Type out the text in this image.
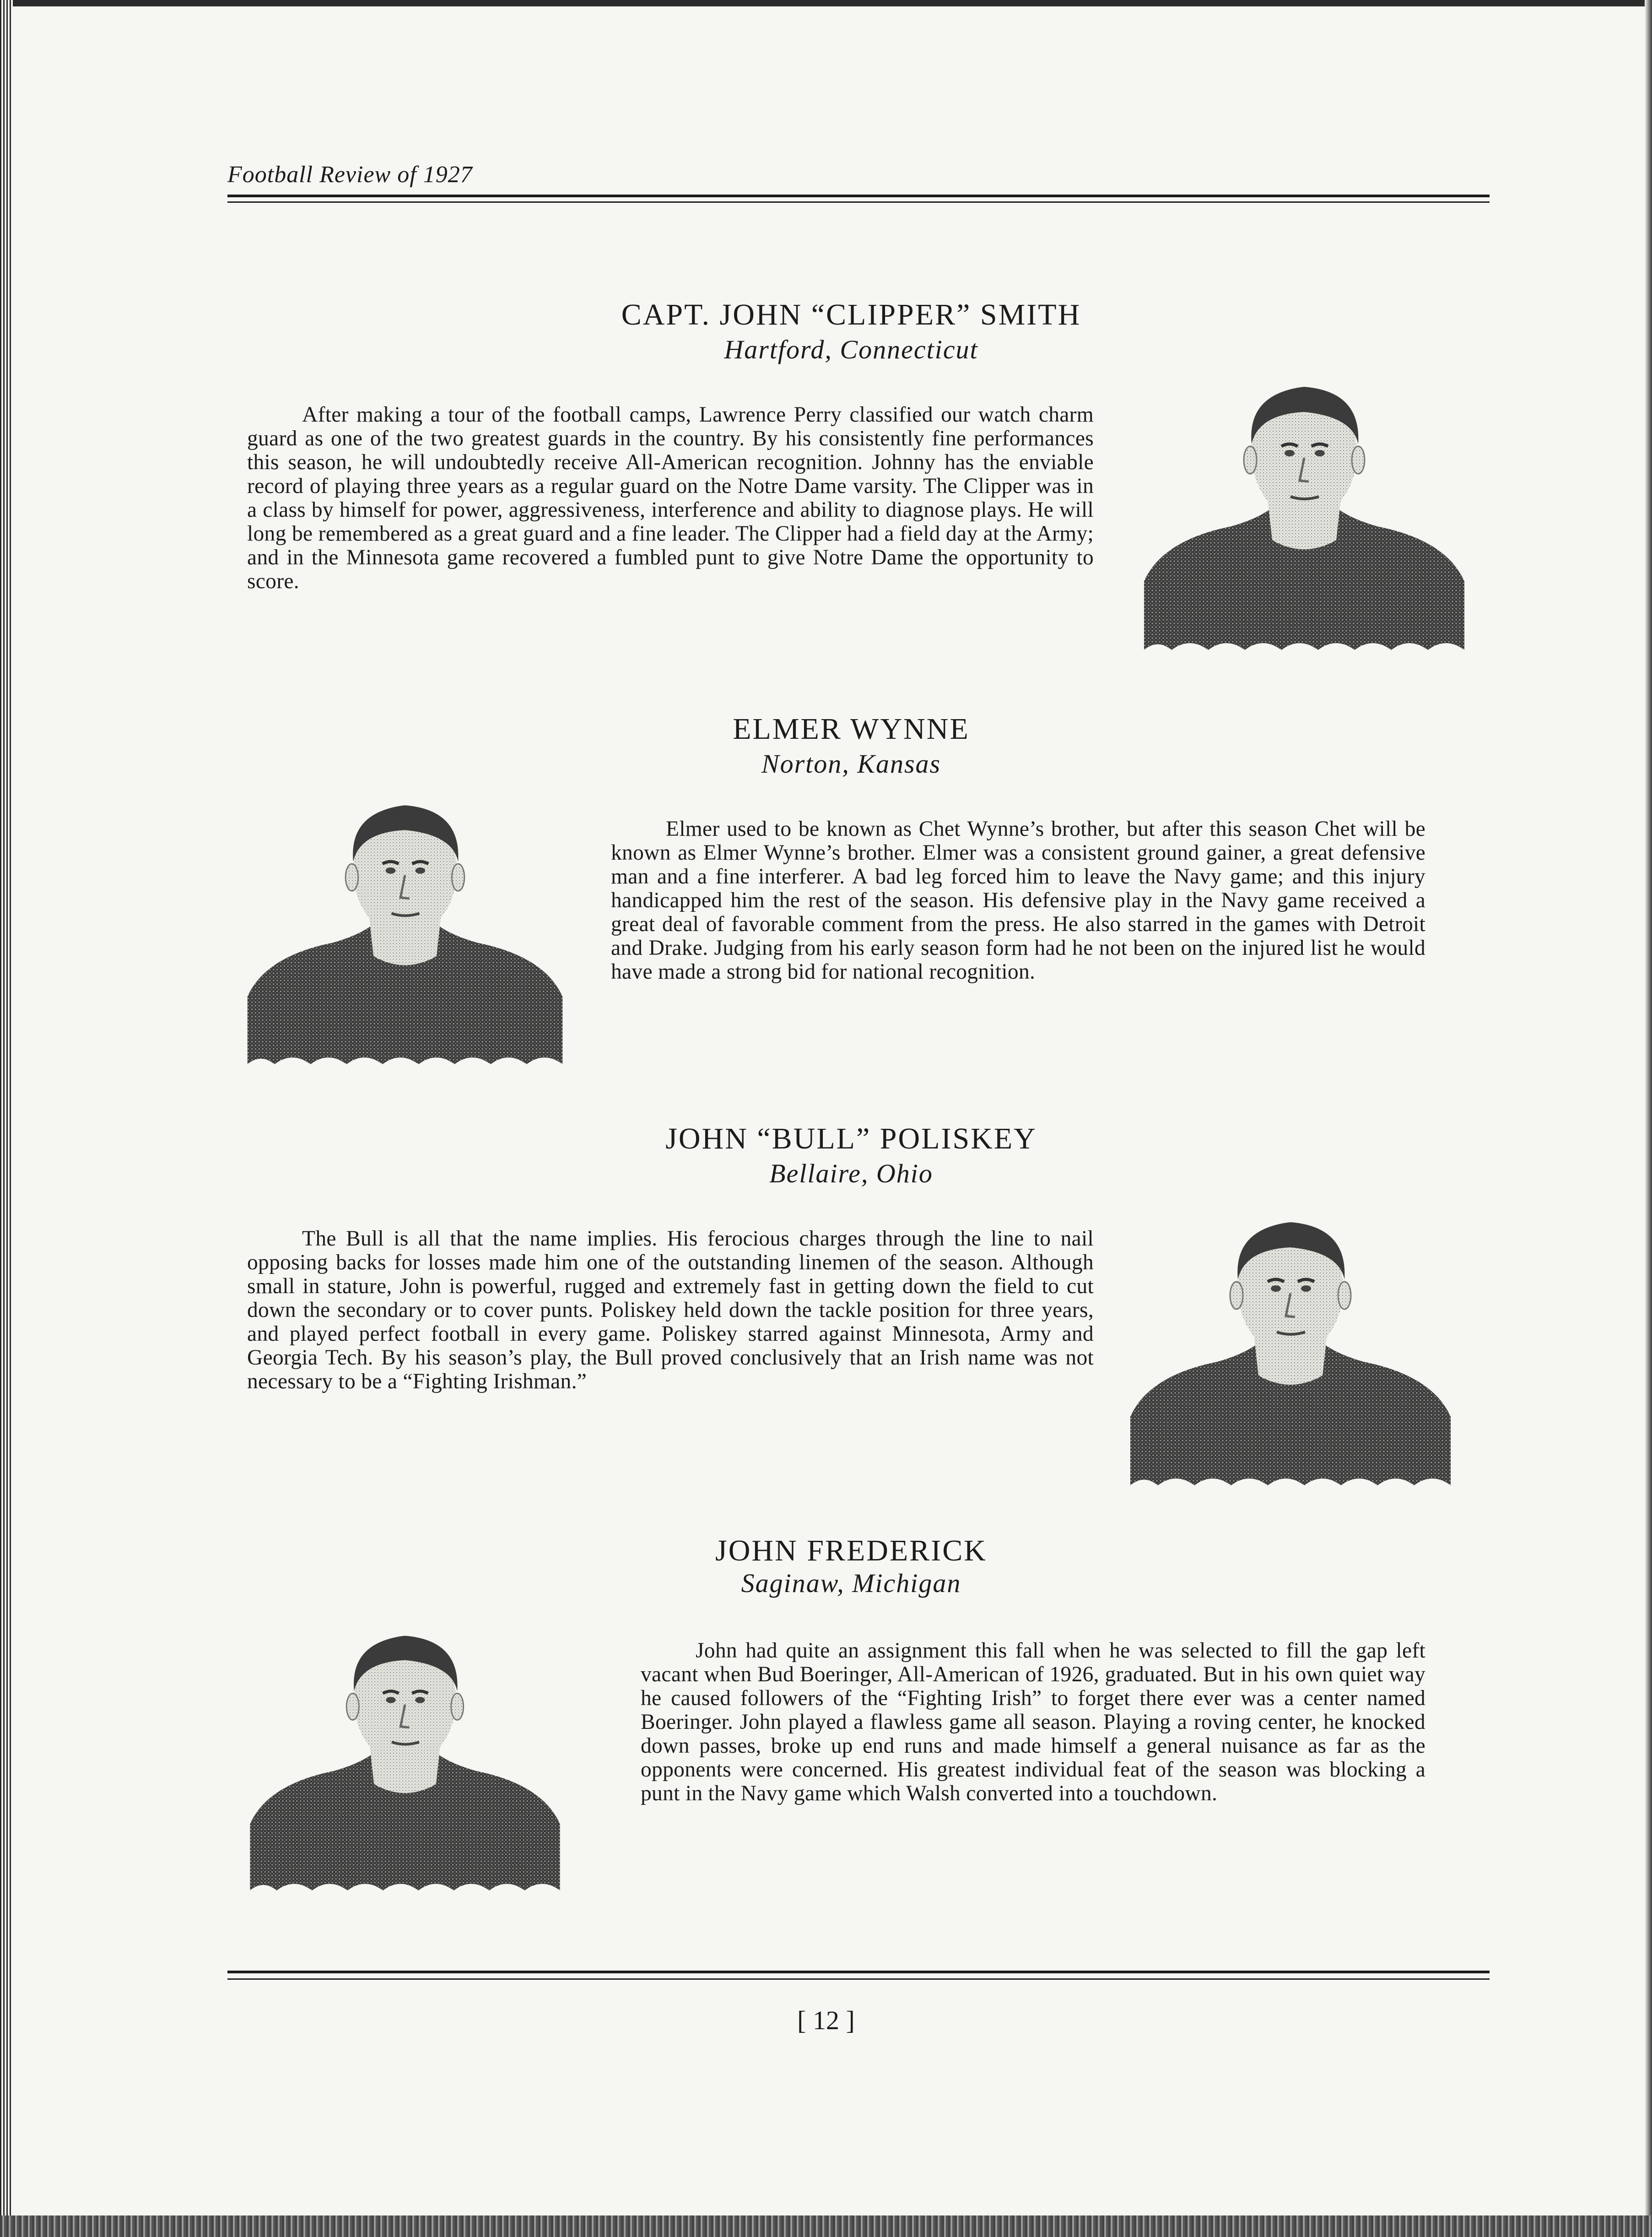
Football Review of 1927
CAPT. JOHN “CLIPPER” SMITH
Hartford, Connecticut
After making a tour of the football camps, Lawrence Perry classified our watch charm guard as one of the two greatest guards in the country. By his consistently fine performances this season, he will undoubtedly receive All-American recognition. Johnny has the enviable record of playing three years as a regular guard on the Notre Dame varsity. The Clipper was in a class by himself for power, aggressiveness, interference and ability to diagnose plays. He will long be remembered as a great guard and a fine leader. The Clipper had a field day at the Army; and in the Minnesota game recovered a fumbled punt to give Notre Dame the opportunity to score.
ELMER WYNNE
Norton, Kansas
Elmer used to be known as Chet Wynne’s brother, but after this season Chet will be known as Elmer Wynne’s brother. Elmer was a consistent ground gainer, a great defensive man and a fine interferer. A bad leg forced him to leave the Navy game; and this injury handicapped him the rest of the season. His defensive play in the Navy game received a great deal of favorable comment from the press. He also starred in the games with Detroit and Drake. Judging from his early season form had he not been on the injured list he would have made a strong bid for national recognition.
JOHN “BULL” POLISKEY
Bellaire, Ohio
The Bull is all that the name implies. His ferocious charges through the line to nail opposing backs for losses made him one of the outstanding linemen of the season. Although small in stature, John is powerful, rugged and extremely fast in getting down the field to cut down the secondary or to cover punts. Poliskey held down the tackle position for three years, and played perfect football in every game. Poliskey starred against Minnesota, Army and Georgia Tech. By his season’s play, the Bull proved conclusively that an Irish name was not necessary to be a “Fighting Irishman.”
JOHN FREDERICK
Saginaw, Michigan
John had quite an assignment this fall when he was selected to fill the gap left vacant when Bud Boeringer, All-American of 1926, graduated. But in his own quiet way he caused followers of the “Fighting Irish” to forget there ever was a center named Boeringer. John played a flawless game all season. Playing a roving center, he knocked down passes, broke up end runs and made himself a general nuisance as far as the opponents were concerned. His greatest individual feat of the season was blocking a punt in the Navy game which Walsh converted into a touchdown.
[ 12 ]
